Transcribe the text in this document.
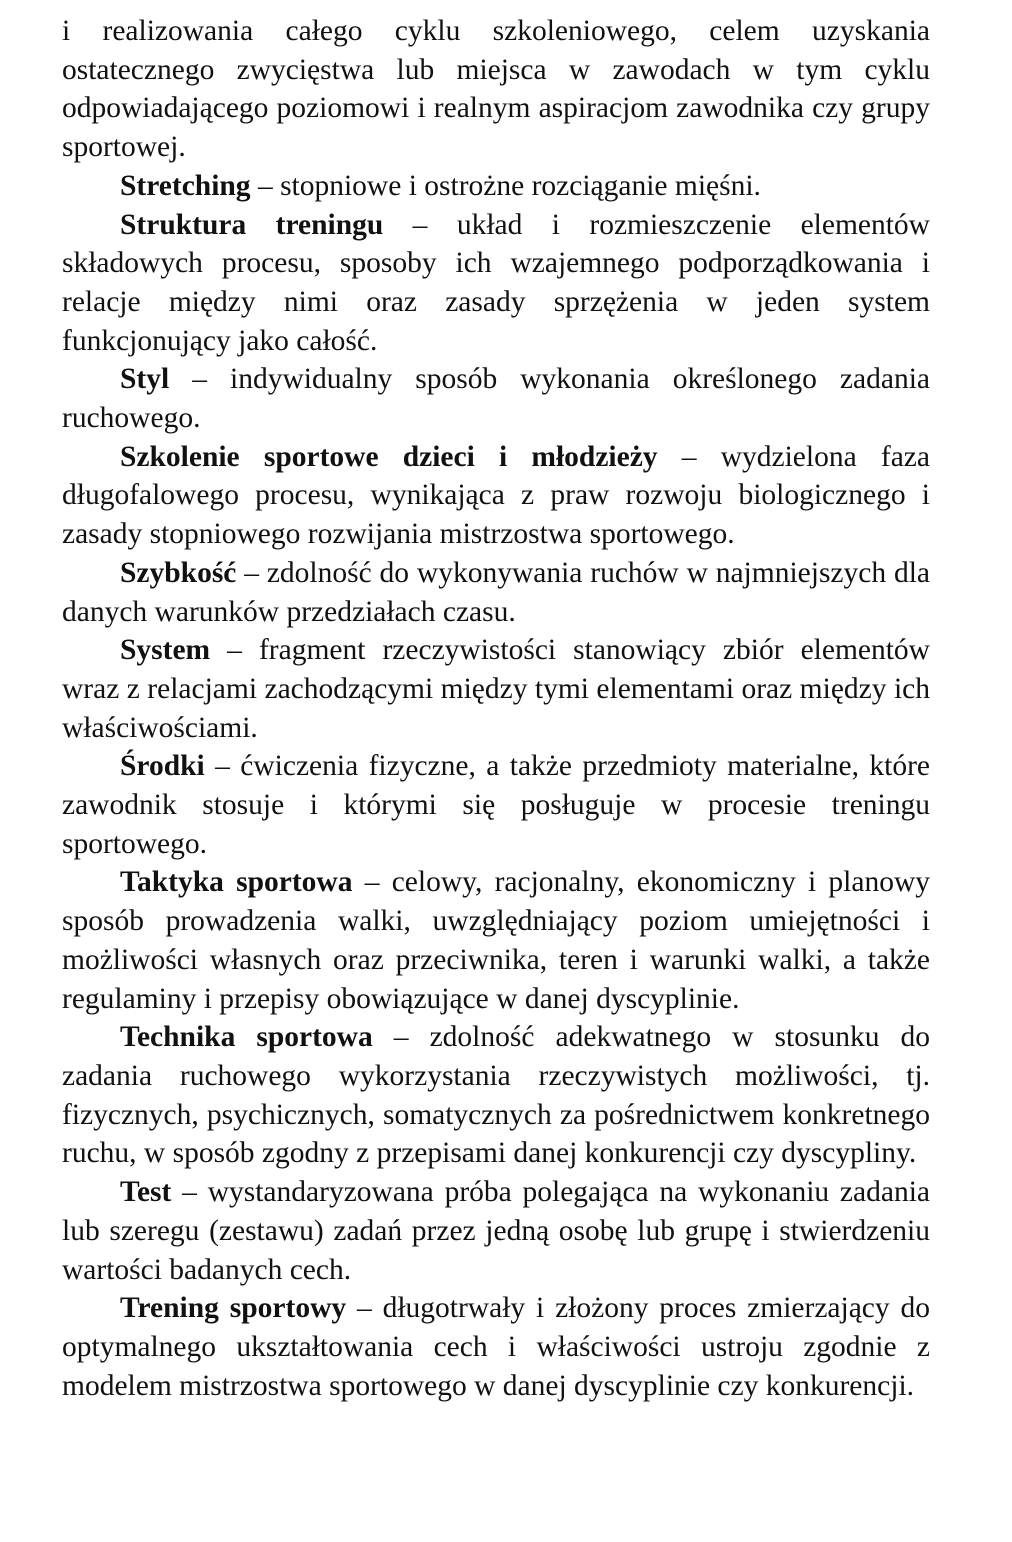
i realizowania całego cyklu szkoleniowego, celem uzyskania ostatecznego zwycięstwa lub miejsca w zawodach w tym cyklu odpowiadającego poziomowi i realnym aspiracjom zawodnika czy grupy sportowej.

Stretching – stopniowe i ostrożne rozciąganie mięśni.

Struktura treningu – układ i rozmieszczenie elementów składowych procesu, sposoby ich wzajemnego podporządkowania i relacje między nimi oraz zasady sprzężenia w jeden system funkcjonujący jako całość.

Styl – indywidualny sposób wykonania określonego zadania ruchowego.

Szkolenie sportowe dzieci i młodzieży – wydzielona faza długofalowego procesu, wynikająca z praw rozwoju biologicznego i zasady stopniowego rozwijania mistrzostwa sportowego.

Szybkość – zdolność do wykonywania ruchów w najmniejszych dla danych warunków przedziałach czasu.

System – fragment rzeczywistości stanowiący zbiór elementów wraz z relacjami zachodzącymi między tymi elementami oraz między ich właściwościami.

Środki – ćwiczenia fizyczne, a także przedmioty materialne, które zawodnik stosuje i którymi się posługuje w procesie treningu sportowego.

Taktyka sportowa – celowy, racjonalny, ekonomiczny i planowy sposób prowadzenia walki, uwzględniający poziom umiejętności i możliwości własnych oraz przeciwnika, teren i warunki walki, a także regulaminy i przepisy obowiązujące w danej dyscyplinie.

Technika sportowa – zdolność adekwatnego w stosunku do zadania ruchowego wykorzystania rzeczywistych możliwości, tj. fizycznych, psychicznych, somatycznych za pośrednictwem konkretnego ruchu, w sposób zgodny z przepisami danej konkurencji czy dyscypliny.

Test – wystandaryzowana próba polegająca na wykonaniu zadania lub szeregu (zestawu) zadań przez jedną osobę lub grupę i stwierdzeniu wartości badanych cech.

Trening sportowy – długotrwały i złożony proces zmierzający do optymalnego ukształtowania cech i właściwości ustroju zgodnie z modelem mistrzostwa sportowego w danej dyscyplinie czy konkurencji.
